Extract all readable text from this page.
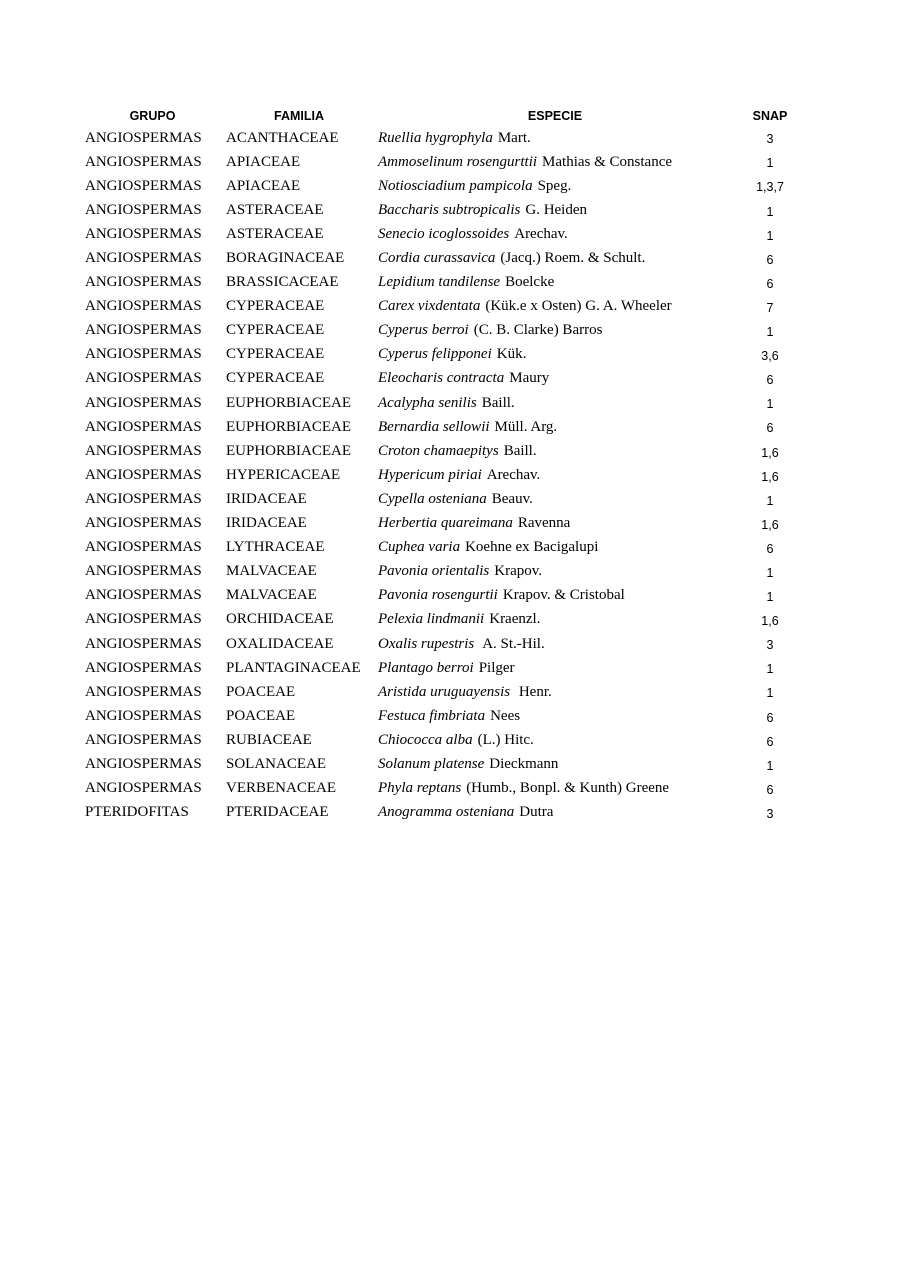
GRUPO	FAMILIA	ESPECIE	SNAP
ANGIOSPERMAS	ACANTHACEAE	Ruellia hygrophyla Mart.	3
ANGIOSPERMAS	APIACEAE	Ammoselinum rosengurttii Mathias & Constance	1
ANGIOSPERMAS	APIACEAE	Notiosciadium pampicola Speg.	1,3,7
ANGIOSPERMAS	ASTERACEAE	Baccharis subtropicalis G. Heiden	1
ANGIOSPERMAS	ASTERACEAE	Senecio icoglossoides Arechav.	1
ANGIOSPERMAS	BORAGINACEAE	Cordia curassavica (Jacq.) Roem. & Schult.	6
ANGIOSPERMAS	BRASSICACEAE	Lepidium tandilense Boelcke	6
ANGIOSPERMAS	CYPERACEAE	Carex vixdentata (Kük.e x Osten) G. A. Wheeler	7
ANGIOSPERMAS	CYPERACEAE	Cyperus berroi (C. B. Clarke) Barros	1
ANGIOSPERMAS	CYPERACEAE	Cyperus felipponei Kük.	3,6
ANGIOSPERMAS	CYPERACEAE	Eleocharis contracta Maury	6
ANGIOSPERMAS	EUPHORBIACEAE	Acalypha senilis Baill.	1
ANGIOSPERMAS	EUPHORBIACEAE	Bernardia sellowii Müll. Arg.	6
ANGIOSPERMAS	EUPHORBIACEAE	Croton chamaepitys Baill.	1,6
ANGIOSPERMAS	HYPERICACEAE	Hypericum piriai Arechav.	1,6
ANGIOSPERMAS	IRIDACEAE	Cypella osteniana Beauv.	1
ANGIOSPERMAS	IRIDACEAE	Herbertia quareimana Ravenna	1,6
ANGIOSPERMAS	LYTHRACEAE	Cuphea varia Koehne ex Bacigalupi	6
ANGIOSPERMAS	MALVACEAE	Pavonia orientalis Krapov.	1
ANGIOSPERMAS	MALVACEAE	Pavonia rosengurtii Krapov. & Cristobal	1
ANGIOSPERMAS	ORCHIDACEAE	Pelexia lindmanii Kraenzl.	1,6
ANGIOSPERMAS	OXALIDACEAE	Oxalis rupestris A. St.-Hil.	3
ANGIOSPERMAS	PLANTAGINACEAE	Plantago berroi Pilger	1
ANGIOSPERMAS	POACEAE	Aristida uruguayensis Henr.	1
ANGIOSPERMAS	POACEAE	Festuca fimbriata Nees	6
ANGIOSPERMAS	RUBIACEAE	Chiococca alba (L.) Hitc.	6
ANGIOSPERMAS	SOLANACEAE	Solanum platense Dieckmann	1
ANGIOSPERMAS	VERBENACEAE	Phyla reptans (Humb., Bonpl. & Kunth) Greene	6
PTERIDOFITAS	PTERIDACEAE	Anogramma osteniana Dutra	3
